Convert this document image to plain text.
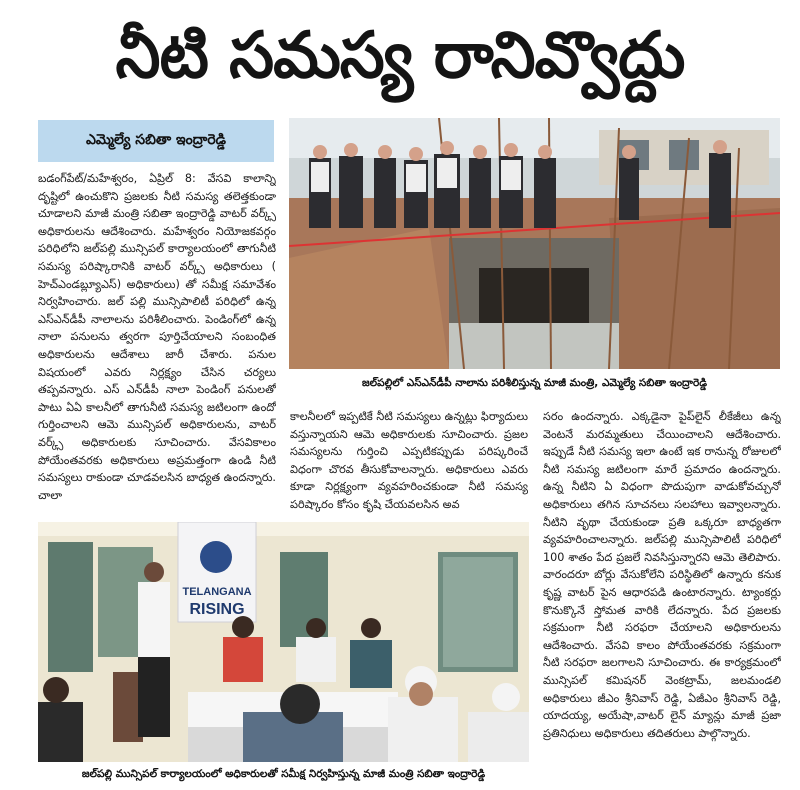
నీటి సమస్య రానివ్వొద్దు
ఎమ్మెల్యే సబితా ఇంద్రారెడ్డి

బడంగ్‌పేట్/మహేశ్వరం, ఏప్రిల్ 8: వేసవి కాలాన్ని దృష్టిలో ఉంచుకొని ప్రజలకు నీటి సమస్య తలెత్తకుండా చూడాలని మాజీ మంత్రి సబితా ఇంద్రారెడ్డి వాటర్ వర్క్స్ అధికారులను ఆదేశించారు. మహేశ్వరం నియోజకవర్గం పరిధిలోని జల్‌పల్లి మున్సిపల్ కార్యాలయంలో తాగునీటి సమస్య పరిష్కారానికి వాటర్ వర్క్స్ అధికారులు ( హెచ్‌ఎండబ్ల్యూఎస్) అధికారులు) తో సమీక్ష సమావేశం నిర్వహించారు. జల్ పల్లి మున్సిపాలిటీ పరిధిలో ఉన్న ఎస్ఎన్‌డీపీ నాలాలను పరిశీలించారు. పెండింగ్‌లో ఉన్న నాలా పనులను త్వరగా పూర్తిచేయాలని సంబంధిత అధికారులను ఆదేశాలు జారీ చేశారు. పనుల విషయంలో ఎవరు నిర్లక్ష్యం చేసిన చర్యలు తప్పవన్నారు. ఎస్ ఎన్‌డీపీ నాలా పెండింగ్ పనులతో పాటు ఏఏ కాలనీలో తాగునీటి సమస్య జటిలంగా ఉందో గుర్తించాలని ఆమె మున్సిపల్ అధికారులను, వాటర్ వర్క్స్ అధికారులకు సూచించారు. వేసవికాలం పోయేంతవరకు అధికారులు అప్రమత్తంగా ఉండి నీటి సమస్యలు రాకుండా చూడవలసిన బాధ్యత ఉందన్నారు. చాలా

జల్‌పల్లిలో ఎస్ఎన్‌డీపీ నాలాను పరిశీలిస్తున్న మాజీ మంత్రి, ఎమ్మెల్యే సబితా ఇంద్రారెడ్డి

కాలనీలలో ఇప్పటికే నీటి సమస్యలు ఉన్నట్లు ఫిర్యాదులు వస్తున్నాయని ఆమె అధికారులకు సూచించారు. ప్రజల సమస్యలను గుర్తించి ఎప్పటికప్పుడు పరిష్కరించే విధంగా చొరవ తీసుకోవాలన్నారు. అధికారులు ఎవరు కూడా నిర్లక్ష్యంగా వ్యవహరించకుండా నీటి సమస్య పరిష్కారం కోసం కృషి చేయవలసిన అవ

సరం ఉందన్నారు. ఎక్కడైనా పైప్‌లైన్ లీకేజీలు ఉన్న వెంటనే మరమ్మతులు చేయించాలని ఆదేశించారు. ఇప్పుడే నీటి సమస్య ఇలా ఉంటే ఇక రానున్న రోజులలో నీటి సమస్య జటిలంగా మారే ప్రమాదం ఉందన్నారు. ఉన్న నీటిని ఏ విధంగా పొదుపుగా వాడుకోవచ్చునో అధికారులు తగిన సూచనలు సలహాలు ఇవ్వాలన్నారు. నీటిని వృథా చేయకుండా ప్రతి ఒక్కరూ బాధ్యతగా వ్యవహరించాలన్నారు. జల్‌పల్లి మున్సిపాలిటీ పరిధిలో 100 శాతం పేద ప్రజలే నివసిస్తున్నారని ఆమె తెలిపారు. వారందరూ బోర్లు వేసుకోలేని పరిస్థితిలో ఉన్నారు కనుక కృష్ణ వాటర్ పైన ఆధారపడి ఉంటారన్నారు. ట్యాంకర్లు కొనుక్కొనే స్తోమత వారికి లేదన్నారు. పేద ప్రజలకు సక్రమంగా నీటి సరఫరా చేయాలని అధికారులను ఆదేశించారు. వేసవి కాలం పోయేంతవరకు సక్రమంగా నీటి సరఫరా జలగాలని సూచించారు. ఈ కార్యక్రమంలో మున్సిపల్ కమిషనర్ వెంకట్రామ్, జలమండలి అధికారులు జీఎం శ్రీనివాస్ రెడ్డి, ఏజీఎం శ్రీనివాస్ రెడ్డి, యాదయ్య, అయేషా,వాటర్ లైన్ మ్యాన్లు మాజీ ప్రజా ప్రతినిధులు అధికారులు తదితరులు పాల్గొన్నారు.

TELANGANA
RISING
జల్‌పల్లి మున్సిపల్ కార్యాలయంలో అధికారులతో సమీక్ష నిర్వహిస్తున్న మాజీ మంత్రి సబితా ఇంద్రారెడ్డి
